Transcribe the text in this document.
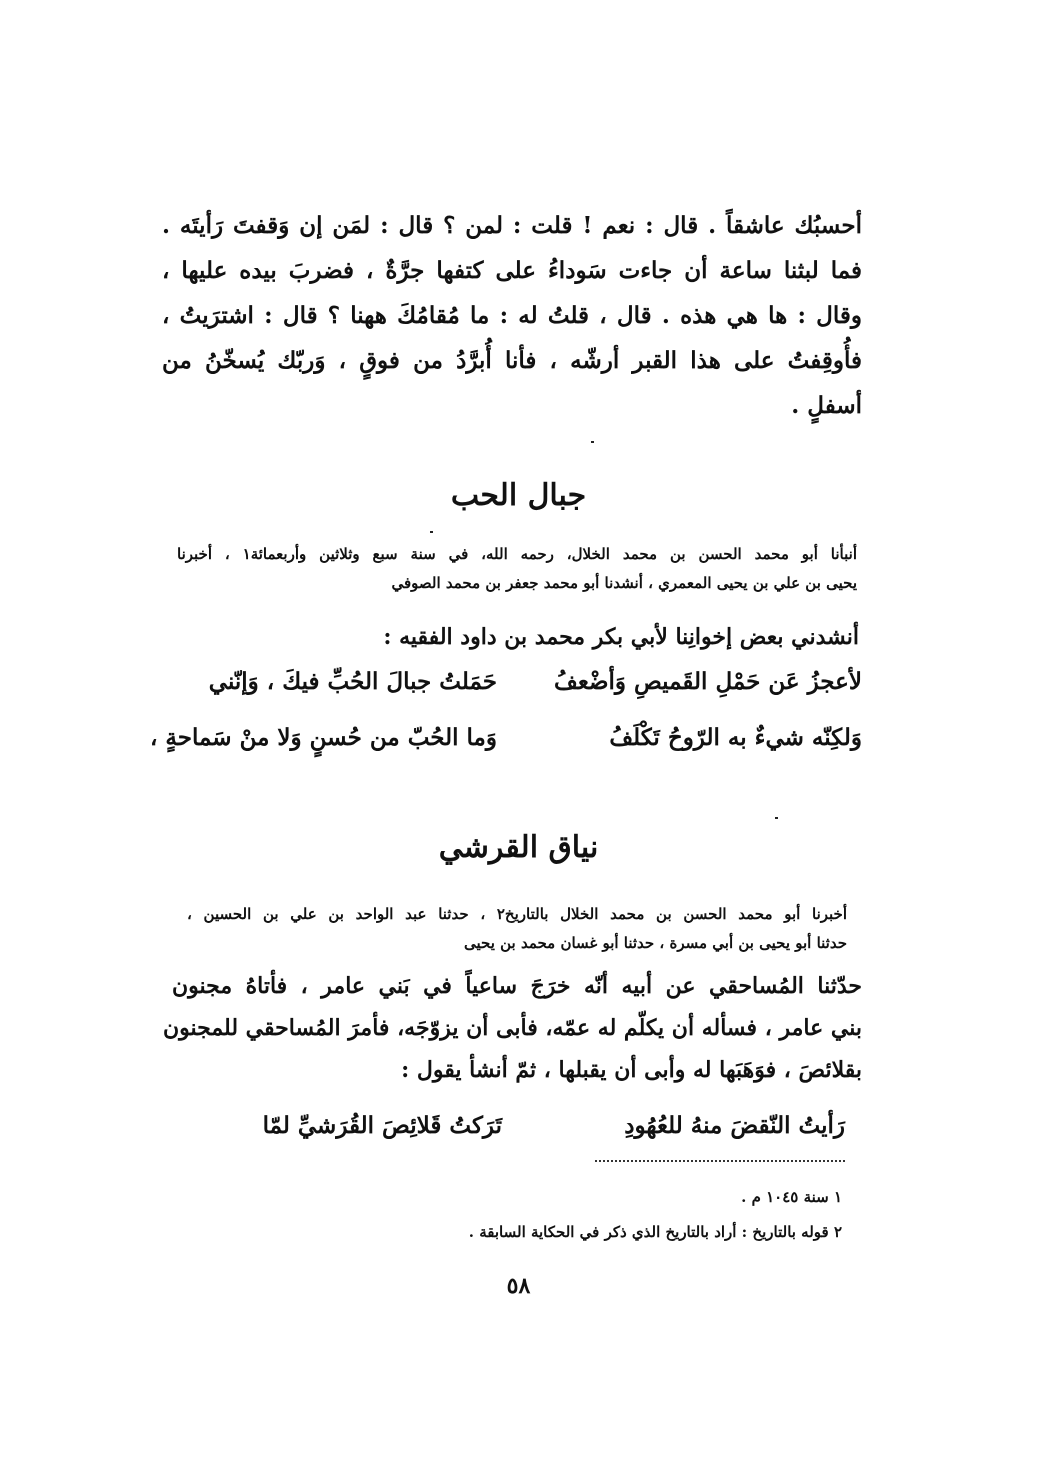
أحسبُك عاشقاً . قال : نعم ! قلت : لمن ؟ قال : لمَن إن وَقفتَ رَأيتَه .
فما لبثنا ساعة أن جاءت سَوداءُ على كتفها جرَّةٌ ، فضربَ بيده عليها ،
وقال : ها هي هذه . قال ، قلتُ له : ما مُقامُكَ ههنا ؟ قال : اشترَيتُ ،
فأُوقِفتُ على هذا القبر أرشّه ، فأنا أُبرَّدُ من فوقٍ ، وَربّك يُسخّنُ من
أسفلٍ .
جبال الحب
أنبأنا أبو محمد الحسن بن محمد الخلال، رحمه الله، في سنة سبع وثلاثين وأربعمائة١ ، أخبرنا
يحيى بن علي بن يحيى المعمري ، أنشدنا أبو محمد جعفر بن محمد الصوفي
أنشدني بعض إخوانِنا لأبي بكر محمد بن داود الفقيه :
حَمَلتُ جبالَ الحُبِّ فيكَ ، وَإنّني لأعجزُ عَن حَمْلِ القَميصِ وَأضْعفُ
وَما الحُبّ من حُسنٍ وَلا منْ سَماحةٍ ،	وَلكِنّه شيءٌ به الرّوحُ تَكْلَفُ
نياق القرشي
أخبرنا أبو محمد الحسن بن محمد الخلال بالتاريخ٢ ، حدثنا عبد الواحد بن علي بن الحسين ،
حدثنا أبو يحيى بن أبي مسرة ، حدثنا أبو غسان محمد بن يحيى
حدّثنا المُساحقي عن أبيه أنّه خرَجَ ساعياً في بَني عامر ، فأتاهُ مجنون
بني عامر ، فسأله أن يكلّم له عمّه، فأبى أن يزوّجَه، فأمرَ المُساحقي للمجنون
بقلائصَ ، فوَهَبَها له وأبى أن يقبلها ، ثمّ أنشأ يقول :
تَرَكتُ قَلائِصَ القُرَشيِّ لمّا	رَأيتُ النّقضَ منهُ للعُهُودِ
١ سنة ١٠٤٥ م .
٢ قوله بالتاريخ : أراد بالتاريخ الذي ذكر في الحكاية السابقة .
٥٨
